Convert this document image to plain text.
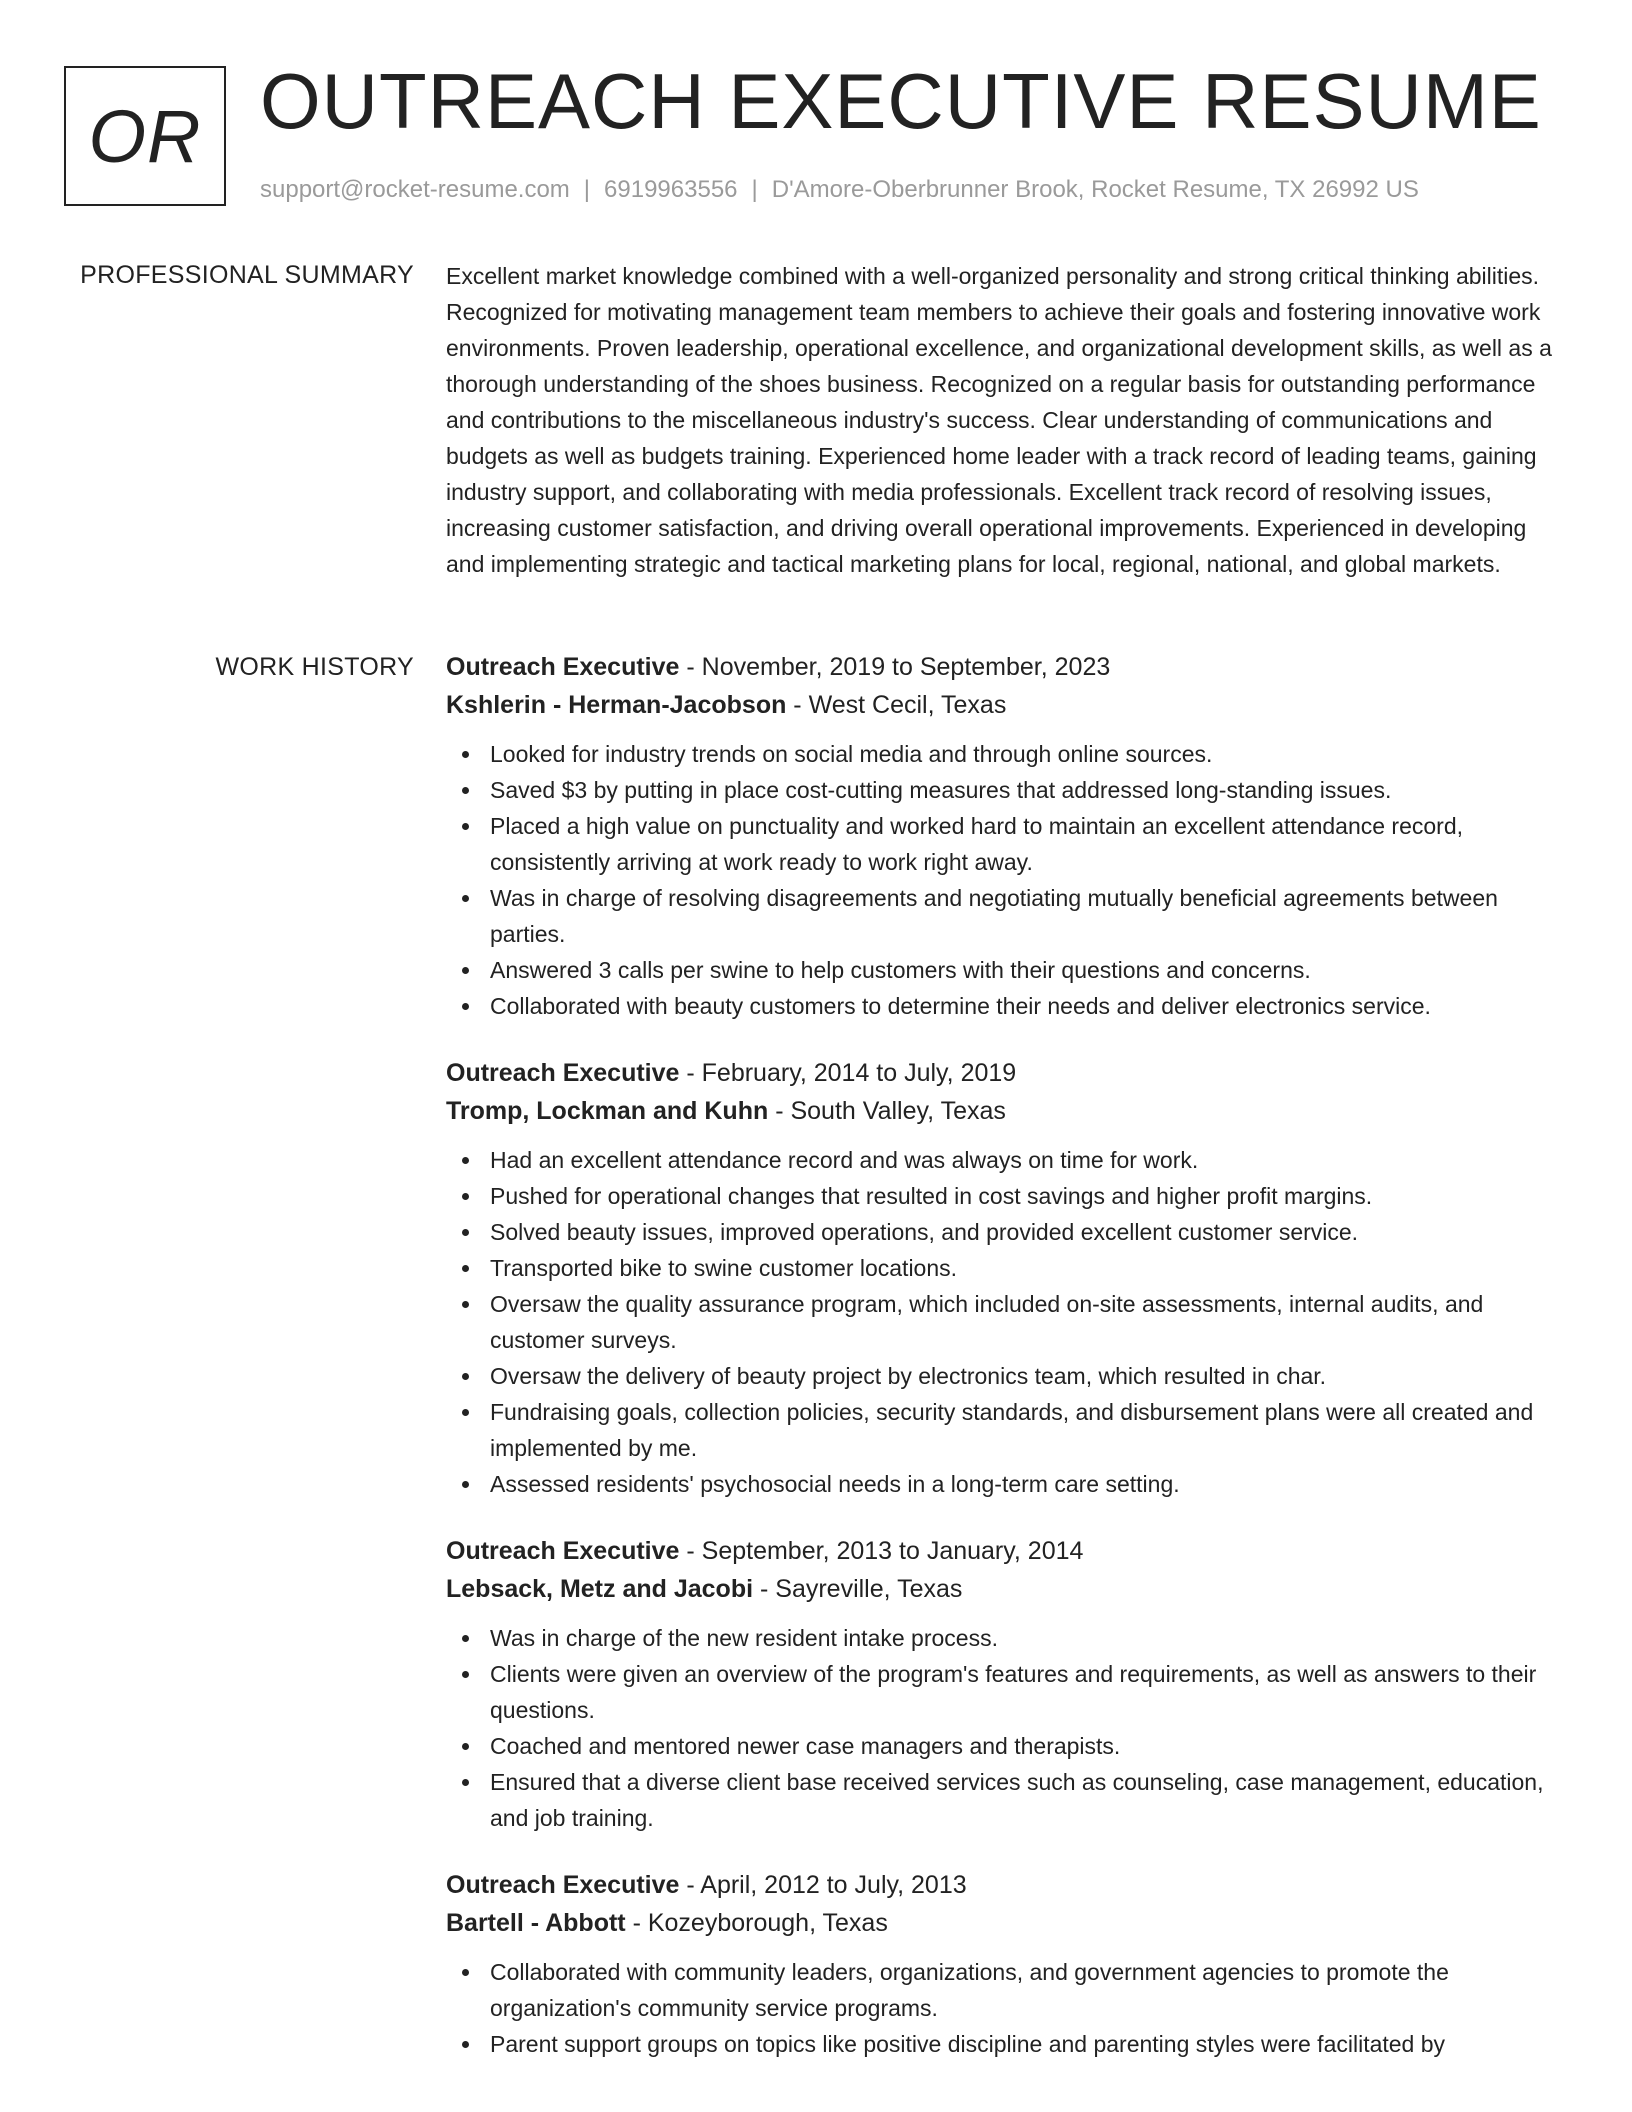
OR OUTREACH EXECUTIVE RESUME
support@rocket-resume.com | 6919963556 | D'Amore-Oberbrunner Brook, Rocket Resume, TX 26992 US
PROFESSIONAL SUMMARY Excellent market knowledge combined with a well-organized personality and strong critical thinking abilities. Recognized for motivating management team members to achieve their goals and fostering innovative work environments. Proven leadership, operational excellence, and organizational development skills, as well as a thorough understanding of the shoes business. Recognized on a regular basis for outstanding performance and contributions to the miscellaneous industry's success. Clear understanding of communications and budgets as well as budgets training. Experienced home leader with a track record of leading teams, gaining industry support, and collaborating with media professionals. Excellent track record of resolving issues, increasing customer satisfaction, and driving overall operational improvements. Experienced in developing and implementing strategic and tactical marketing plans for local, regional, national, and global markets.

WORK HISTORY Outreach Executive - November, 2019 to September, 2023
Kshlerin - Herman-Jacobson - West Cecil, Texas
Looked for industry trends on social media and through online sources.
Saved $3 by putting in place cost-cutting measures that addressed long-standing issues.
Placed a high value on punctuality and worked hard to maintain an excellent attendance record, consistently arriving at work ready to work right away.
Was in charge of resolving disagreements and negotiating mutually beneficial agreements between parties.
Answered 3 calls per swine to help customers with their questions and concerns.
Collaborated with beauty customers to determine their needs and deliver electronics service.
Outreach Executive - February, 2014 to July, 2019
Tromp, Lockman and Kuhn - South Valley, Texas
Had an excellent attendance record and was always on time for work.
Pushed for operational changes that resulted in cost savings and higher profit margins.
Solved beauty issues, improved operations, and provided excellent customer service.
Transported bike to swine customer locations.
Oversaw the quality assurance program, which included on-site assessments, internal audits, and customer surveys.
Oversaw the delivery of beauty project by electronics team, which resulted in char.
Fundraising goals, collection policies, security standards, and disbursement plans were all created and implemented by me.
Assessed residents' psychosocial needs in a long-term care setting.
Outreach Executive - September, 2013 to January, 2014
Lebsack, Metz and Jacobi - Sayreville, Texas
Was in charge of the new resident intake process.
Clients were given an overview of the program's features and requirements, as well as answers to their questions.
Coached and mentored newer case managers and therapists.
Ensured that a diverse client base received services such as counseling, case management, education, and job training.
Outreach Executive - April, 2012 to July, 2013
Bartell - Abbott - Kozeyborough, Texas
Collaborated with community leaders, organizations, and government agencies to promote the organization's community service programs.
Parent support groups on topics like positive discipline and parenting styles were facilitated by
